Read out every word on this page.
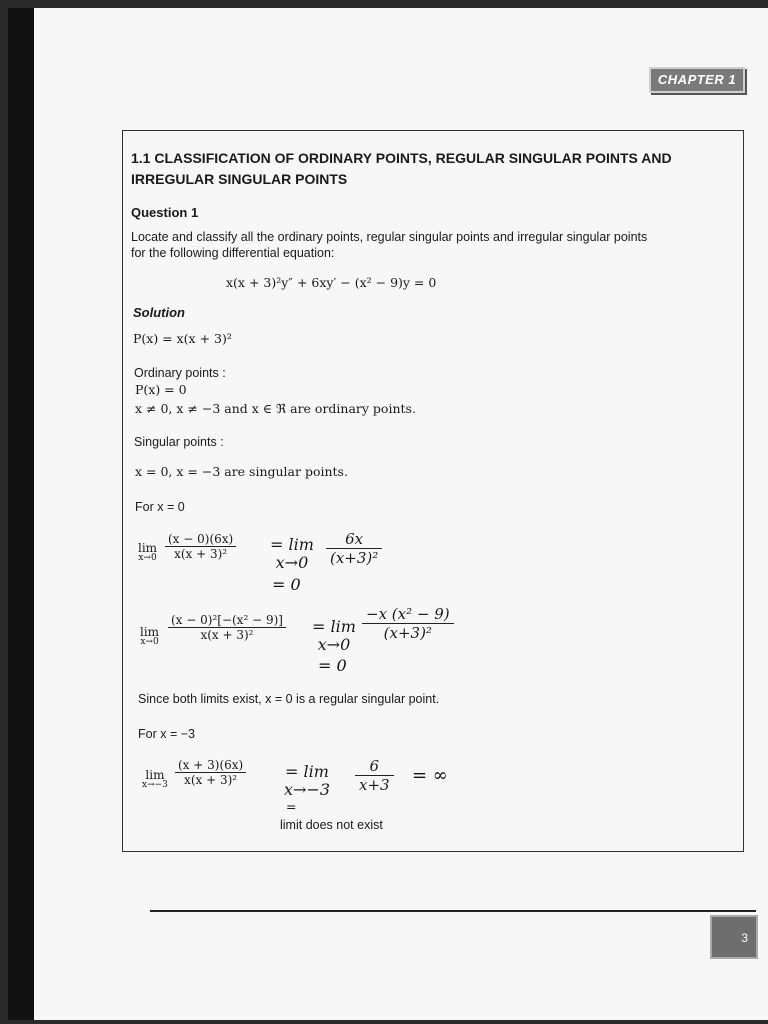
CHAPTER 1
1.1 CLASSIFICATION OF ORDINARY POINTS, REGULAR SINGULAR POINTS AND
IRREGULAR SINGULAR POINTS
Question 1
Locate and classify all the ordinary points, regular singular points and irregular singular points
for the following differential equation:
x(x + 3)²y″ + 6xy′ − (x² − 9)y = 0
Solution
P(x) = x(x + 3)²
Ordinary points :
P(x) = 0
x ≠ 0, x ≠ −3 and x ∈ ℜ are ordinary points.
Singular points :
x = 0, x = −3 are singular points.
For x = 0
lim
$x\to 0 \frac{(x - 0)(6x)}{\text{x(x + 3)²}} = \lim$
x→0	$\frac{6x}{\text{(x+3)²}}$
= 0
lim
$x\to 0 \frac{\text{(x − 0)²[−(x² − 9)]}}{\text{x(x + 3)²}} = \lim$
x→0
$\frac{\text{−x (x² − 9)}}{\text{(x+3)²}}$
= 0
Since both limits exist, x = 0 is a regular singular point.
For x = −3
lim
$x\to-3 \frac{(x + 3)(6x)}{\text{x(x + 3)²}} = \lim$
$x\to-3 \frac{6}{x+3}$ = ∞
=
limit does not exist
3
